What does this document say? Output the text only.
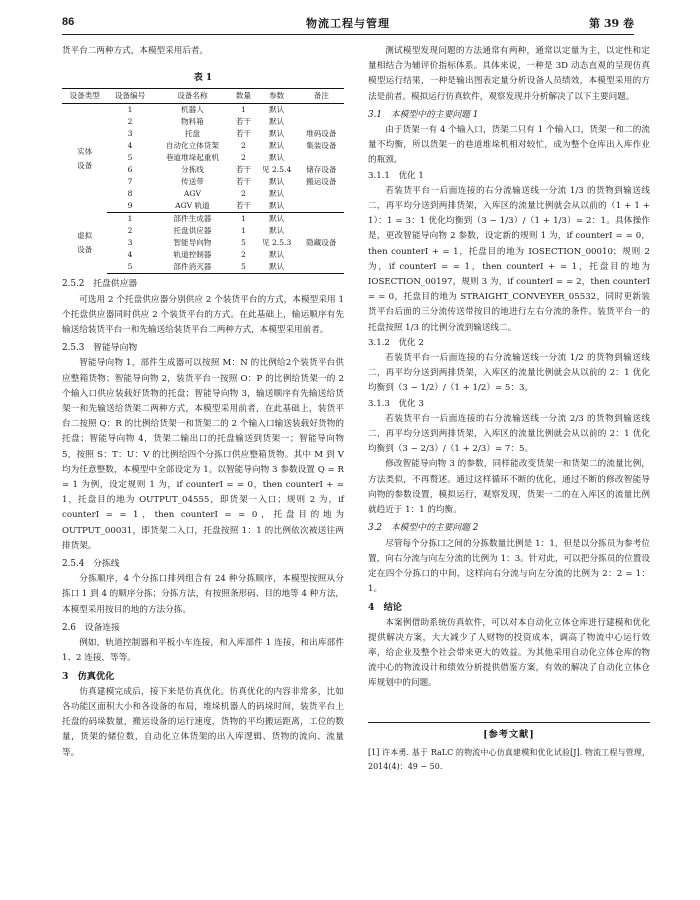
86	物流工程与管理	第 39 卷

货平台二两种方式，本模型采用后者。

表 1
设备类型	设备编号	设备名称	数量	参数	备注
实体
设备	1	机器人	1	默认	
	2	物料箱	若干	默认	
	3	托盘	若干	默认	堆码设备
	4	自动化立体货架	2	默认	集装设备
	5	巷道堆垛起重机	2	默认	
	6	分拣线	若干	见 2.5.4	储存设备
	7	传送带	若干	默认	搬运设备
	8	AGV	2	默认	
	9	AGV 轨道	若干	默认	
虚拟
设备	1	部件生成器	1	默认	
	2	托盘供应器	1	默认	
	3	智能导向物	5	见 2.5.3	隐藏设备
	4	轨道控制器	2	默认	
	5	部件消灭器	5	默认	
2.5.2　托盘供应器

可选用 2 个托盘供应器分别供应 2 个装货平台的方式，本模型采用 1 个托盘供应器同时供应 2 个装货平台的方式。在此基础上，输运顺序有先输送给装货平台一和先输送给装货平台二两种方式，本模型采用前者。

2.5.3　智能导向物

智能导向物 1，部件生成器可以按照 M：N 的比例给2个装货平台供应整箱货物；智能导向物 2，装货平台一按照 O：P 的比例给货架一的 2 个输入口供应装载好货物的托盘；智能导向物 3，输送顺序有先输送给货架一和先输送给货架二两种方式，本模型采用前者，在此基础上，装货平台二按照 Q：R 的比例给货架一和货架二的 2 个输入口输送装载好货物的托盘；智能导向物 4，货架二输出口的托盘输送到货架一；智能导向物 5，按照 S：T：U：V 的比例给四个分拣口供应整箱货物。其中 M 到 V 均为任意整数，本模型中全部设定为 1。以智能导向物 3 参数设置 Q = R = 1 为例，设定规则 1 为，if counterI = = 0，then counterI + = 1，托盘目的地为 OUTPUT_04555，即货架一入口；规则 2 为，if counterI = = 1，then counterI = = 0，托盘目的地为 OUTPUT_00031，即货架二入口，托盘按照 1：1 的比例依次被送往两排货架。

2.5.4　分拣线

分拣顺序，4 个分拣口排列组合有 24 种分拣顺序，本模型按照从分拣口 1 到 4 的顺序分拣；分拣方法，有按照条形码、目的地等 4 种方法，本模型采用按目的地的方法分拣。

2.6　设备连接

例如，轨道控制器和平板小车连接，和入库部件 1 连接，和出库部件 1、2 连接，等等。

3　仿真优化

仿真建模完成后，接下来是仿真优化。仿真优化的内容非常多，比如各功能区面积大小和各设备的布局，堆垛机器人的码垛时间，装货平台上托盘的码垛数量，搬运设备的运行速度，货物的平均搬运距离，工位的数量，货架的储位数，自动化立体货架的出入库逻辑、货物的流向、流量等。

测试模型发现问题的方法通常有两种，通常以定量为主，以定性和定量相结合为辅评价指标体系。具体来说，一种是 3D 动态直观的呈现仿真模型运行结果，一种是输出图表定量分析设备人员绩效，本模型采用的方法是前者。模拟运行仿真软件，观察发现并分析解决了以下主要问题。

3.1　本模型中的主要问题 1

由于货架一有 4 个输入口，货架二只有 1 个输入口，货架一和二的流量不均衡，所以货架一的巷道堆垛机相对较忙，成为整个仓库出入库作业的瓶颈。

3.1.1　优化 1

若装货平台一后面连接的右分流输送线一分流 1/3 的货物到输送线二，再平均分送到两排货架，入库区的流量比例就会从以前的（1 + 1 + 1）：1 = 3：1 优化均衡到（3 − 1/3）/（1 + 1/3）= 2：1。具体操作是，更改智能导向物 2 参数，设定新的规则 1 为，if counterI = = 0，then counterI + = 1，托盘目的地为 IOSECTION_00010；规则 2 为，if counterI = = 1，then counterI + = 1，托盘目的地为 IOSECTION_00197，规则 3 为，if counterI = = 2，then counterI = = 0，托盘目的地为 STRAIGHT_CONVEYER_05532，同时更新装货平台后面的三分流传送带按目的地进行左右分流的条件。装货平台一的托盘按照 1/3 的比例分流到输送线二。

3.1.2　优化 2

若装货平台一后面连接的右分流输送线一分流 1/2 的货物到输送线二，再平均分送到两排货架，入库区的流量比例就会从以前的 2：1 优化均衡到（3 − 1/2）/（1 + 1/2）= 5：3。

3.1.3　优化 3

若装货平台一后面连接的右分流输送线一分流 2/3 的货物到输送线二，再平均分送到两排货架，入库区的流量比例就会从以前的 2：1 优化均衡到（3 − 2/3）/（1 + 2/3）= 7：5。

修改智能导向物 3 的参数，同样能改变货架一和货架二的流量比例，方法类似，不再赘述。通过这样循环不断的优化，通过不断的修改智能导向物的参数设置，模拟运行，观察发现，货架一二的在入库区的流量比例就趋近于 1：1 的均衡。

3.2　本模型中的主要问题 2

尽管每个分拣口之间的分拣数量比例是 1：1，但是以分拣员为参考位置，向右分流与向左分流的比例为 1：3。针对此，可以把分拣员的位置设定在四个分拣口的中间，这样向右分流与向左分流的比例为 2：2 = 1：1。

4　结论

本案例借助系统仿真软件，可以对本自动化立体仓库进行建模和优化提供解决方案，大大减少了人财物的投资成本，调高了物流中心运行效率，给企业及整个社会带来更大的效益。为其他采用自动化立体仓库的物流中心的物流设计和绩效分析提供借鉴方案，有效的解决了自动化立体仓库规划中的问题。

[参考文献]

[1] 许本勇. 基于 RaLC 的物流中心仿真建模和优化试验[J]. 物流工程与管理，2014(4)：49 − 50.
